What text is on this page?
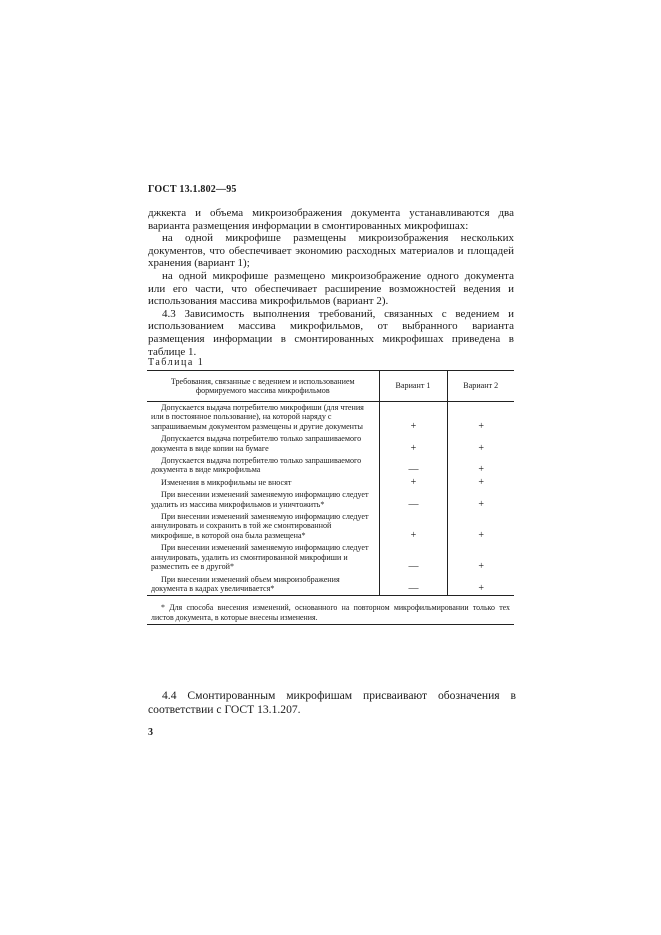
ГОСТ 13.1.802—95

джкекта и объема микроизображения документа устанавливаются два варианта размещения информации в смонтированных микрофишах:

на одной микрофише размещены микроизображения нескольких документов, что обеспечивает экономию расходных материалов и площадей хранения (вариант 1);

на одной микрофише размещено микроизображение одного документа или его части, что обеспечивает расширение возможностей ведения и использования массива микрофильмов (вариант 2).

4.3 Зависимость выполнения требований, связанных с ведением и использованием массива микрофильмов, от выбранного варианта размещения информации в смонтированных микрофишах приведена в таблице 1.

Таблица 1
Требования, связанные с ведением и использованием формируемого массива микрофильмов	Вариант 1	Вариант 2
Допускается выдача потребителю микрофиши (для чтения или в постоянное пользование), на которой наряду с запрашиваемым документом размещены и другие документы	+	+
Допускается выдача потребителю только запрашиваемого документа в виде копии на бумаге	+	+
Допускается выдача потребителю только запрашиваемого документа в виде микрофильма	—	+
Изменения в микрофильмы не вносят	+	+
При внесении изменений заменяемую информацию следует удалить из массива микрофильмов и уничтожить*	—	+
При внесении изменений заменяемую информацию следует аннулировать и сохранить в той же смонтированной микрофише, в которой она была размещена*	+	+
При внесении изменений заменяемую информацию следует аннулировать, удалить из смонтированной микрофиши и разместить ее в другой*	—	+
При внесении изменений объем микроизображения документа в кадрах увеличивается*	—	+
* Для способа внесения изменений, основанного на повторном микрофильмировании только тех листов документа, в которые внесены изменения.		

4.4 Смонтированным микрофишам присваивают обозначения в соответствии с ГОСТ 13.1.207.

3
